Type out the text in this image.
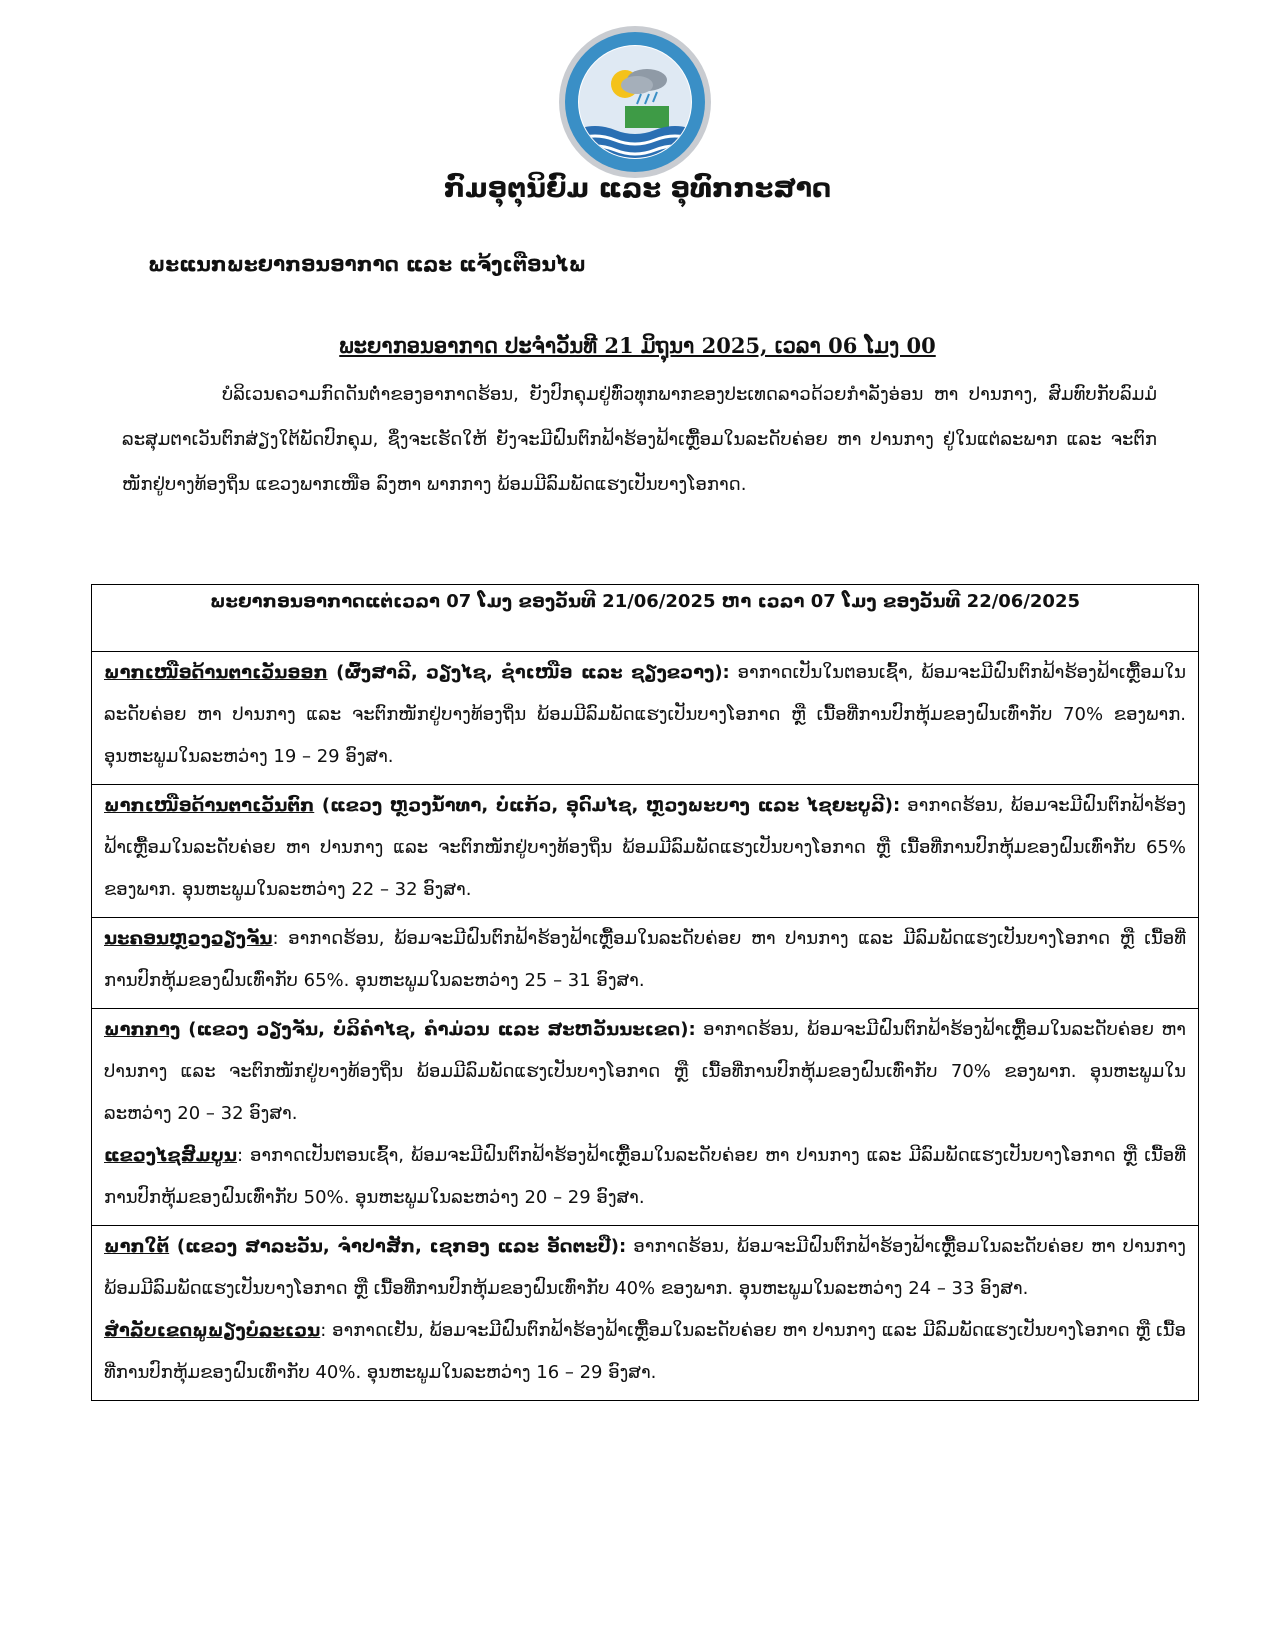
ກົມອຸຕຸນິຍົມ ແລະ ອຸທົກກະສາດ
ພະແນກພະຍາກອນອາກາດ ແລະ ແຈ້ງເຕືອນໄພ
ພະຍາກອນອາກາດ ປະຈຳວັນທີ 21 ມິຖຸນາ 2025, ເວລາ 06 ໂມງ 00
ບໍລິເວນຄວາມກົດດັນຕ່ຳຂອງອາກາດຮ້ອນ, ຍັງປົກຄຸມຢູ່ທົ່ວທຸກພາກຂອງປະເທດລາວດ້ວຍກຳລັງອ່ອນ ຫາ ປານກາງ, ສົມທົບກັບລົມມໍລະສຸມຕາເວັນຕົກສ່ຽງໃຕ້ພັດປົກຄຸມ, ຊຶ່ງຈະເຮັດໃຫ້ ຍັງຈະມີຝົນຕົກຟ້າຮ້ອງຟ້າເຫຼື້ອມໃນລະດັບຄ່ອຍ ຫາ ປານກາງ ຢູ່ໃນແຕ່ລະພາກ ແລະ ຈະຕົກໜັກຢູ່ບາງທ້ອງຖິ່ນ ແຂວງພາກເໜືອ ລົງຫາ ພາກກາງ ພ້ອມມີລົມພັດແຮງເປັນບາງໂອກາດ.
ພະຍາກອນອາກາດແຕ່ເວລາ 07 ໂມງ ຂອງວັນທີ 21/06/2025 ຫາ ເວລາ 07 ໂມງ ຂອງວັນທີ 22/06/2025

ພາກເໜືອດ້ານຕາເວັນອອກ (ຜົ້ງສາລີ, ວຽງໄຊ, ຊຳເໜືອ ແລະ ຊຽງຂວາງ): ອາກາດເປັນໃນຕອນເຊົ້າ, ພ້ອມຈະມີຝົນຕົກຟ້າຮ້ອງຟ້າເຫຼື້ອມໃນລະດັບຄ່ອຍ ຫາ ປານກາງ ແລະ ຈະຕົກໜັກຢູ່ບາງທ້ອງຖິ່ນ ພ້ອມມີລົມພັດແຮງເປັນບາງໂອກາດ ຫຼື ເນື້ອທີ່ການປົກຫຸ້ມຂອງຝົນເທົ່າກັບ 70% ຂອງພາກ. ອຸນຫະພູມໃນລະຫວ່າງ 19 – 29 ອົງສາ.

ພາກເໜືອດ້ານຕາເວັນຕົກ (ແຂວງ ຫຼວງນ້ຳທາ, ບໍ່ແກ້ວ, ອຸດົມໄຊ, ຫຼວງພະບາງ ແລະ ໄຊຍະບູລີ): ອາກາດຮ້ອນ, ພ້ອມຈະມີຝົນຕົກຟ້າຮ້ອງຟ້າເຫຼື້ອມໃນລະດັບຄ່ອຍ ຫາ ປານກາງ ແລະ ຈະຕົກໜັກຢູ່ບາງທ້ອງຖິ່ນ ພ້ອມມີລົມພັດແຮງເປັນບາງໂອກາດ ຫຼື ເນື້ອທີ່ການປົກຫຸ້ມຂອງຝົນເທົ່າກັບ 65% ຂອງພາກ. ອຸນຫະພູມໃນລະຫວ່າງ 22 – 32 ອົງສາ.

ນະຄອນຫຼວງວຽງຈັນ: ອາກາດຮ້ອນ, ພ້ອມຈະມີຝົນຕົກຟ້າຮ້ອງຟ້າເຫຼື້ອມໃນລະດັບຄ່ອຍ ຫາ ປານກາງ ແລະ ມີລົມພັດແຮງເປັນບາງໂອກາດ ຫຼື ເນື້ອທີ່ການປົກຫຸ້ມຂອງຝົນເທົ່າກັບ 65%. ອຸນຫະພູມໃນລະຫວ່າງ 25 – 31 ອົງສາ.

ພາກກາງ (ແຂວງ ວຽງຈັນ, ບໍລິຄຳໄຊ, ຄຳມ່ວນ ແລະ ສະຫວັນນະເຂດ): ອາກາດຮ້ອນ, ພ້ອມຈະມີຝົນຕົກຟ້າຮ້ອງຟ້າເຫຼື້ອມໃນລະດັບຄ່ອຍ ຫາ ປານກາງ ແລະ ຈະຕົກໜັກຢູ່ບາງທ້ອງຖິ່ນ ພ້ອມມີລົມພັດແຮງເປັນບາງໂອກາດ ຫຼື ເນື້ອທີ່ການປົກຫຸ້ມຂອງຝົນເທົ່າກັບ 70% ຂອງພາກ. ອຸນຫະພູມໃນລະຫວ່າງ 20 – 32 ອົງສາ.

ແຂວງໄຊສົມບູນ: ອາກາດເປັນຕອນເຊົ້າ, ພ້ອມຈະມີຝົນຕົກຟ້າຮ້ອງຟ້າເຫຼື້ອມໃນລະດັບຄ່ອຍ ຫາ ປານກາງ ແລະ ມີລົມພັດແຮງເປັນບາງໂອກາດ ຫຼື ເນື້ອທີ່ການປົກຫຸ້ມຂອງຝົນເທົ່າກັບ 50%. ອຸນຫະພູມໃນລະຫວ່າງ 20 – 29 ອົງສາ.

ພາກໃຕ້ (ແຂວງ ສາລະວັນ, ຈຳປາສັກ, ເຊກອງ ແລະ ອັດຕະປື): ອາກາດຮ້ອນ, ພ້ອມຈະມີຝົນຕົກຟ້າຮ້ອງຟ້າເຫຼື້ອມໃນລະດັບຄ່ອຍ ຫາ ປານກາງ ພ້ອມມີລົມພັດແຮງເປັນບາງໂອກາດ ຫຼື ເນື້ອທີ່ການປົກຫຸ້ມຂອງຝົນເທົ່າກັບ 40% ຂອງພາກ. ອຸນຫະພູມໃນລະຫວ່າງ 24 – 33 ອົງສາ.

ສຳລັບເຂດພູພຽງບໍລະເວນ: ອາກາດເຢັນ, ພ້ອມຈະມີຝົນຕົກຟ້າຮ້ອງຟ້າເຫຼື້ອມໃນລະດັບຄ່ອຍ ຫາ ປານກາງ ແລະ ມີລົມພັດແຮງເປັນບາງໂອກາດ ຫຼື ເນື້ອທີ່ການປົກຫຸ້ມຂອງຝົນເທົ່າກັບ 40%. ອຸນຫະພູມໃນລະຫວ່າງ 16 – 29 ອົງສາ.
